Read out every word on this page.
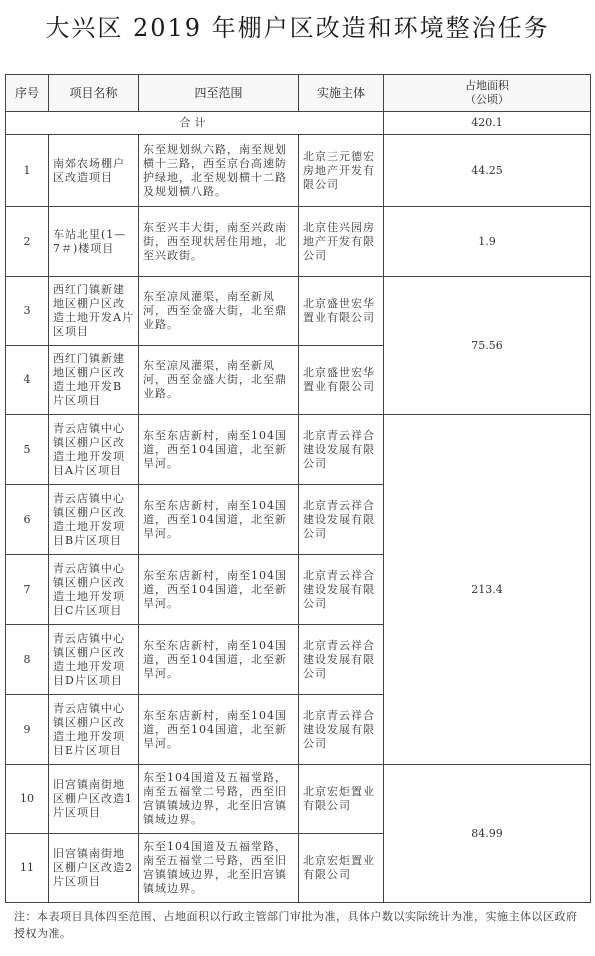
大兴区 2019 年棚户区改造和环境整治任务
序号	项目名称	四至范围	实施主体	占地面积
（公顷）

合计				420.1
1	南郊农场棚户区改造项目	东至规划纵六路，南至规划横十三路，西至京台高速防护绿地，北至规划横十二路及规划横八路。	北京三元德宏房地产开发有限公司	44.25
2	车站北里(1—7＃)楼项目	东至兴丰大街，南至兴政南街，西至现状居住用地，北至兴政街。	北京佳兴园房地产开发有限公司	1.9
3	西红门镇新建地区棚户区改造土地开发A片区项目	东至凉凤灌渠，南至新凤河，西至金盛大街，北至鼎业路。	北京盛世宏华置业有限公司	75.56
4	西红门镇新建地区棚户区改造土地开发B片区项目	东至凉凤灌渠，南至新凤河，西至金盛大街，北至鼎业路。	北京盛世宏华置业有限公司	
5	青云店镇中心镇区棚户区改造土地开发项目A片区项目	东至东店新村，南至104国道，西至104国道，北至新旱河。	北京青云祥合建设发展有限公司	213.4
6	青云店镇中心镇区棚户区改造土地开发项目B片区项目	东至东店新村，南至104国道，西至104国道，北至新旱河。	北京青云祥合建设发展有限公司	
7	青云店镇中心镇区棚户区改造土地开发项目C片区项目	东至东店新村，南至104国道，西至104国道，北至新旱河。	北京青云祥合建设发展有限公司	
8	青云店镇中心镇区棚户区改造土地开发项目D片区项目	东至东店新村，南至104国道，西至104国道，北至新旱河。	北京青云祥合建设发展有限公司	
9	青云店镇中心镇区棚户区改造土地开发项目E片区项目	东至东店新村，南至104国道，西至104国道，北至新旱河。	北京青云祥合建设发展有限公司	
10	旧宫镇南街地区棚户区改造1片区项目	东至104国道及五福堂路，南至五福堂二号路，西至旧宫镇镇域边界，北至旧宫镇镇域边界。	北京宏炬置业有限公司	84.99
11	旧宫镇南街地区棚户区改造2片区项目	东至104国道及五福堂路，南至五福堂二号路，西至旧宫镇镇域边界，北至旧宫镇镇域边界。	北京宏炬置业有限公司	
注：本表项目具体四至范围、占地面积以行政主管部门审批为准，具体户数以实际统计为准，实施主体以区政府授权为准。
